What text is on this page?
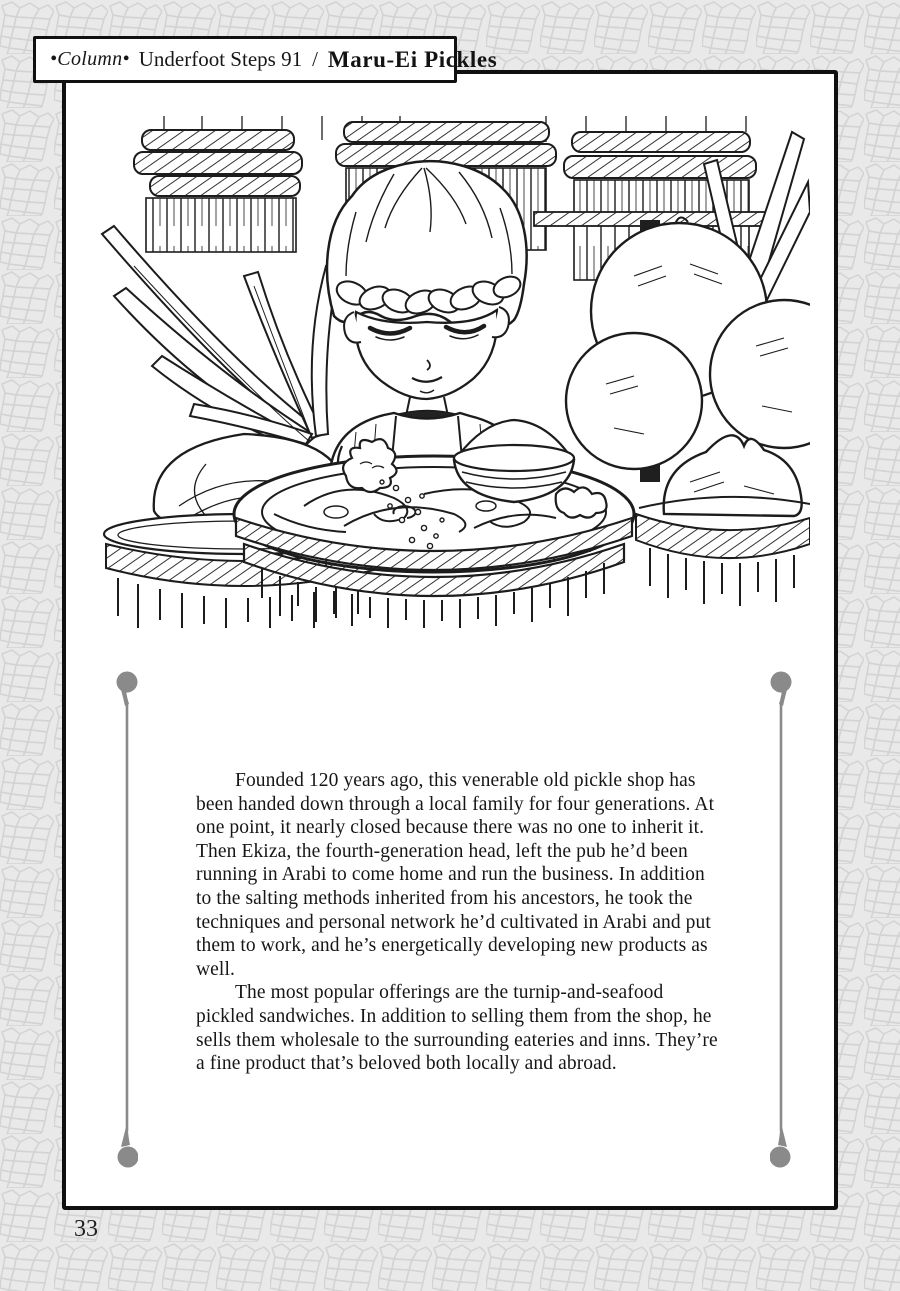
Founded 120 years ago, this venerable old pickle shop has been handed down through a local family for four generations. At one point, it nearly closed because there was no one to inherit it. Then Ekiza, the fourth-generation head, left the pub he’d been running in Arabi to come home and run the business. In addition to the salting methods inherited from his ancestors, he took the techniques and personal network he’d cultivated in Arabi and put them to work, and he’s energetically developing new products as well.

The most popular offerings are the turnip-and-seafood pickled sandwiches. In addition to selling them from the shop, he sells them wholesale to the surrounding eateries and inns. They’re a fine product that’s beloved both locally and abroad.

•Column• Underfoot Steps 91 / Maru-Ei Pickles
33
